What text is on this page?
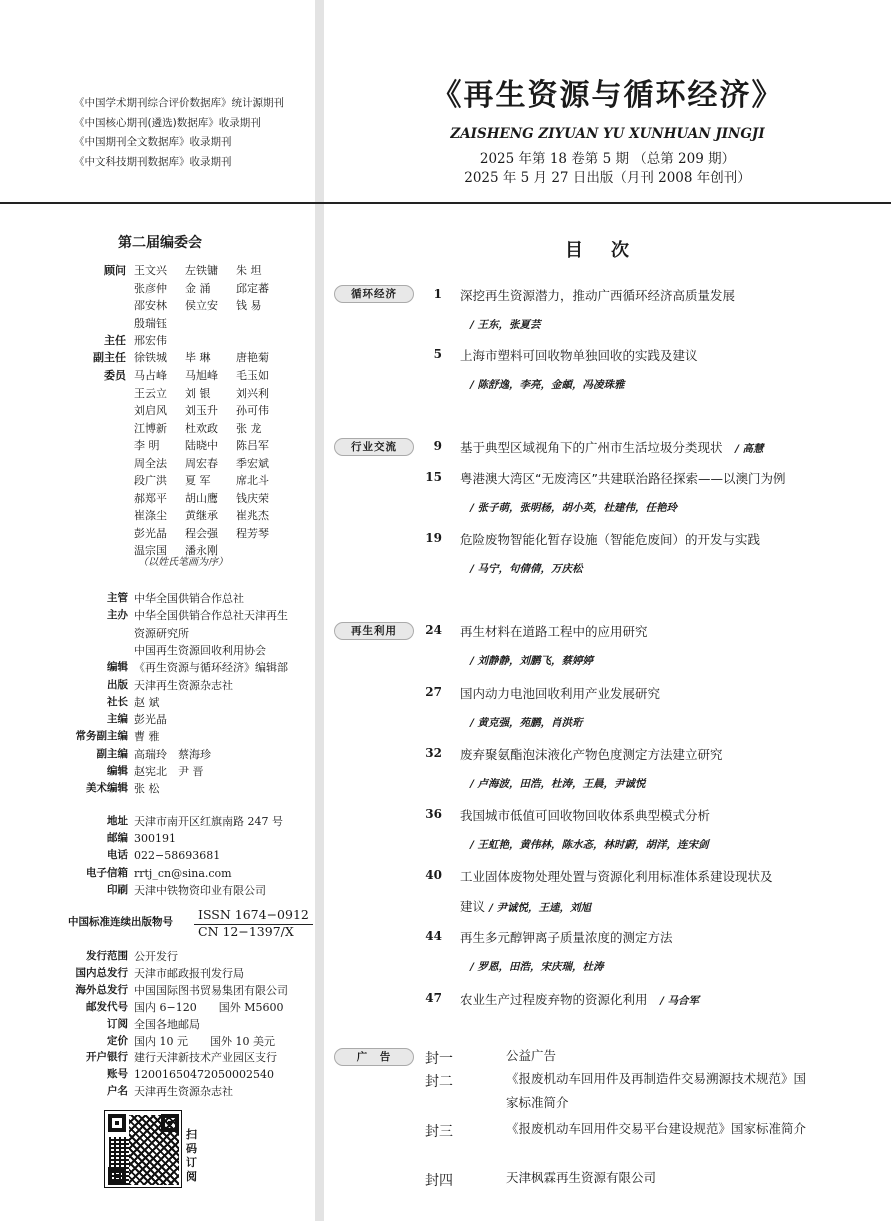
《中国学术期刊综合评价数据库》统计源期刊
《中国核心期刊(遴选)数据库》收录期刊
《中国期刊全文数据库》收录期刊
《中文科技期刊数据库》收录期刊
《再生资源与循环经济》
ZAISHENG ZIYUAN YU XUNHUAN JINGJI
2025 年第 18 卷第 5 期 （总第 209 期）
2025 年 5 月 27 日出版（月刊 2008 年创刊）
第二届编委会
顾问 王文兴	左铁镛	朱 坦
张彦仲	金 涌	邱定蕃
邵安林	侯立安	钱 易
殷瑞钰
主任 邢宏伟
副主任 徐铁城	毕 琳	唐艳菊
委员 马占峰	马旭峰	毛玉如
王云立	刘 银	刘兴利
刘启风	刘玉升	孙可伟
江博新	杜欢政	张 龙
李 明	陆晓中	陈吕军
周全法	周宏春	季宏斌
段广洪	夏 军	席北斗
郝郑平	胡山鹰	钱庆荣
崔涤尘	黄继承	崔兆杰
彭光晶	程会强	程芳琴
温宗国	潘永刚
（以姓氏笔画为序）
主管 中华全国供销合作总社
主办 中华全国供销合作总社天津再生
资源研究所
中国再生资源回收利用协会
编辑 《再生资源与循环经济》编辑部
出版 天津再生资源杂志社
社长 赵 斌
主编 彭光晶
常务副主编 曹 雅
副主编 高瑞玲　蔡海珍
编辑 赵宪北　尹 晋
美术编辑 张 松
地址 天津市南开区红旗南路 247 号
邮编 300191
电话 022−58693681
电子信箱 rrtj_cn@sina.com
印刷 天津中铁物资印业有限公司
中国标准连续出版物号	ISSN 1674−0912
CN 12−1397/X
发行范围 公开发行
国内总发行 天津市邮政报刊发行局
海外总发行 中国国际图书贸易集团有限公司
邮发代号 国内 6−120　　国外 M5600
订阅 全国各地邮局
定价 国内 10 元　　国外 10 美元
开户银行 建行天津新技术产业园区支行
账号 12001650472050002540
户名 天津再生资源杂志社
扫码订阅
目次
循环经济
行业交流
再生利用
广　告
1 深挖再生资源潜力，推动广西循环经济高质量发展
/ 王东，张夏芸
5 上海市塑料可回收物单独回收的实践及建议
/ 陈舒逸，李亮，金頔，冯凌珠雅
9 基于典型区域视角下的广州市生活垃圾分类现状　 / 高慧
15 粤港澳大湾区“无废湾区”共建联治路径探索——以澳门为例
/ 张子萌，张明杨，胡小英，杜建伟，任艳玲
19 危险废物智能化暂存设施（智能危废间）的开发与实践
/ 马宁，句倩倩，万庆松
24 再生材料在道路工程中的应用研究
/ 刘静静，刘鹏飞，蔡婷婷
27 国内动力电池回收利用产业发展研究
/ 黄克强，苑鹏，肖洪珩
32 废弃聚氨酯泡沫液化产物色度测定方法建立研究
/ 卢海波，田浩，杜涛，王晨，尹诚悦
36 我国城市低值可回收物回收体系典型模式分析
/ 王虹艳，黄伟林，陈水忞，林时蔚，胡洋，连宋剑
40 工业固体废物处理处置与资源化利用标准体系建设现状及
建议 / 尹诚悦，王逵，刘旭
44 再生多元醇钾离子质量浓度的测定方法
/ 罗恩，田浩，宋庆瑞，杜涛
47 农业生产过程废弃物的资源化利用　 / 马合军
封一	公益广告
封二	《报废机动车回用件及再制造件交易溯源技术规范》国家标准简介
封三	《报废机动车回用件交易平台建设规范》国家标准简介
封四	天津枫霖再生资源有限公司
